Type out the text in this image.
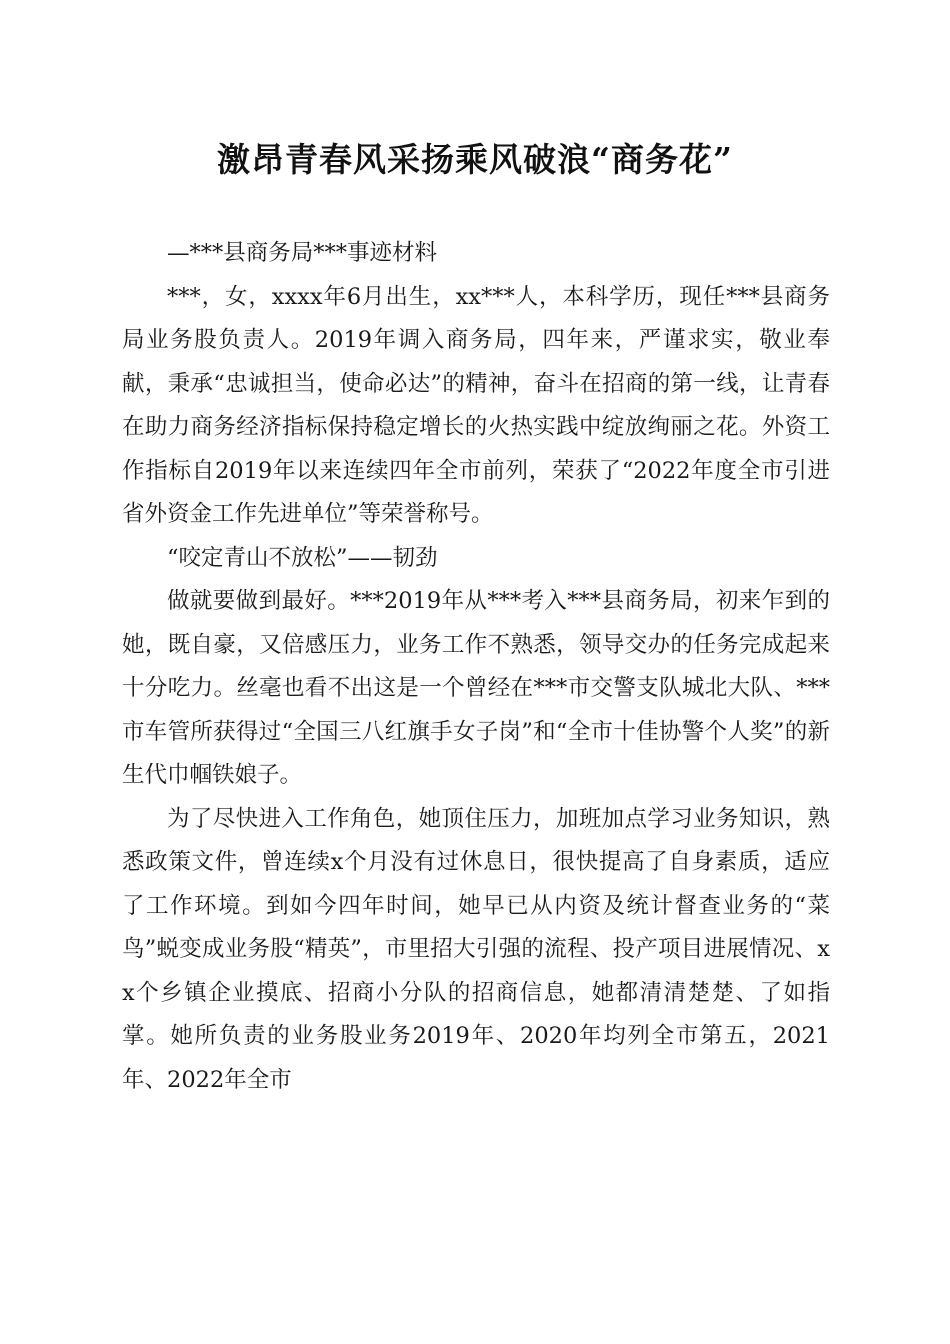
激昂青春风采扬乘风破浪“商务花”

—***县商务局***事迹材料

***，女，xxxx年6月出生，xx***人，本科学历，现任***县商务局业务股负责人。2019年调入商务局，四年来，严谨求实，敬业奉献，秉承“忠诚担当，使命必达”的精神，奋斗在招商的第一线，让青春在助力商务经济指标保持稳定增长的火热实践中绽放绚丽之花。外资工作指标自2019年以来连续四年全市前列，荣获了“2022年度全市引进省外资金工作先进单位”等荣誉称号。

“咬定青山不放松”——韧劲

做就要做到最好。***2019年从***考入***县商务局，初来乍到的她，既自豪，又倍感压力，业务工作不熟悉，领导交办的任务完成起来十分吃力。丝毫也看不出这是一个曾经在***市交警支队城北大队、***市车管所获得过“全国三八红旗手女子岗”和“全市十佳协警个人奖”的新生代巾帼铁娘子。

为了尽快进入工作角色，她顶住压力，加班加点学习业务知识，熟悉政策文件，曾连续x个月没有过休息日，很快提高了自身素质，适应了工作环境。到如今四年时间，她早已从内资及统计督查业务的“菜鸟”蜕变成业务股“精英”，市里招大引强的流程、投产项目进展情况、xx个乡镇企业摸底、招商小分队的招商信息，她都清清楚楚、了如指掌。她所负责的业务股业务2019年、2020年均列全市第五，2021年、2022年全市
